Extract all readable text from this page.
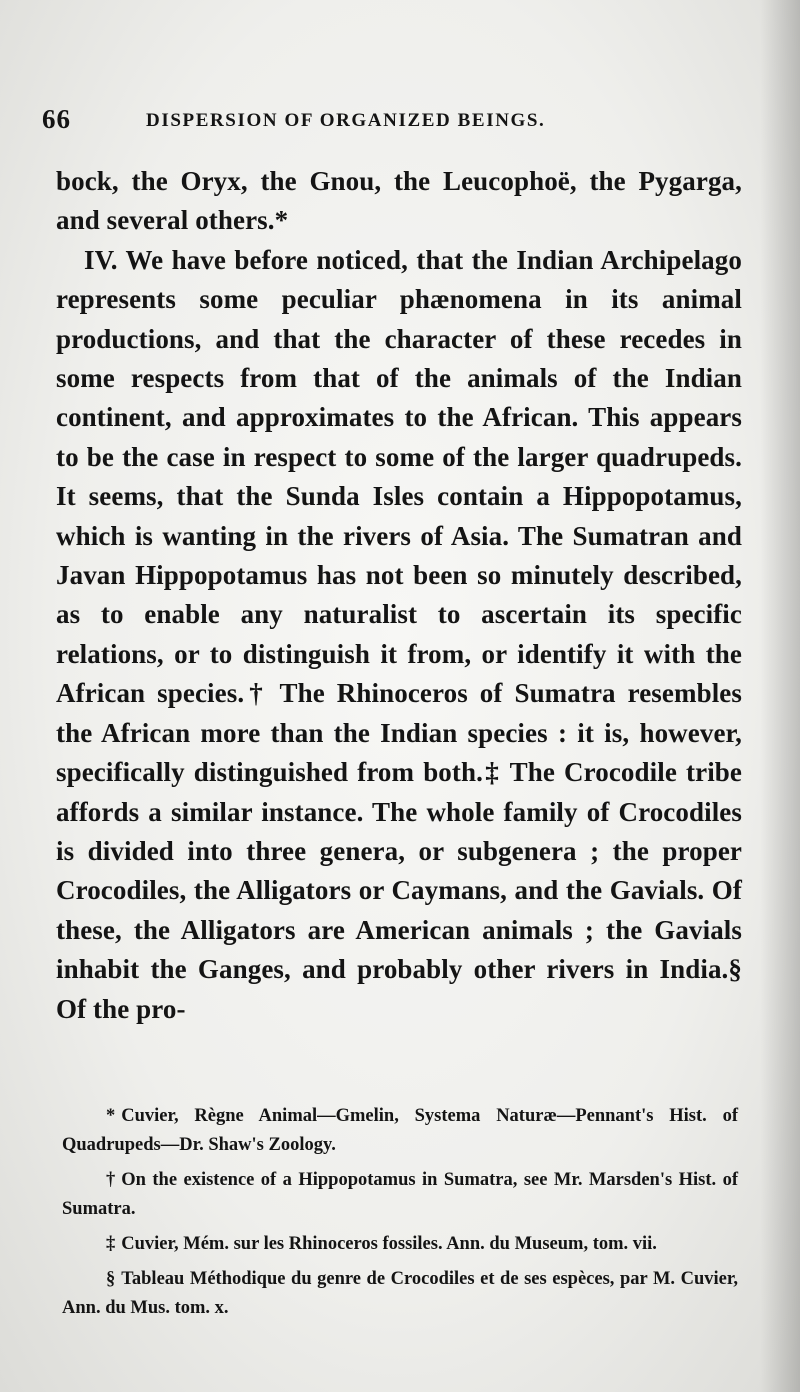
66	DISPERSION OF ORGANIZED BEINGS.

bock, the Oryx, the Gnou, the Leucophoë, the Pygarga, and several others.*

IV. We have before noticed, that the Indian Archipelago represents some peculiar phænomena in its animal productions, and that the character of these recedes in some respects from that of the animals of the Indian continent, and approximates to the African. This appears to be the case in respect to some of the larger quadrupeds. It seems, that the Sunda Isles contain a Hippopotamus, which is wanting in the rivers of Asia. The Sumatran and Javan Hippopotamus has not been so minutely described, as to enable any naturalist to ascertain its specific relations, or to distinguish it from, or identify it with the African species.† The Rhinoceros of Sumatra resembles the African more than the Indian species : it is, however, specifically distinguished from both.‡ The Crocodile tribe affords a similar instance. The whole family of Crocodiles is divided into three genera, or subgenera ; the proper Crocodiles, the Alligators or Caymans, and the Gavials. Of these, the Alligators are American animals ; the Gavials inhabit the Ganges, and probably other rivers in India.§ Of the pro-

* Cuvier, Règne Animal—Gmelin, Systema Naturæ—Pennant's Hist. of Quadrupeds—Dr. Shaw's Zoology.

† On the existence of a Hippopotamus in Sumatra, see Mr. Marsden's Hist. of Sumatra.

‡ Cuvier, Mém. sur les Rhinoceros fossiles. Ann. du Museum, tom. vii.

§ Tableau Méthodique du genre de Crocodiles et de ses espèces, par M. Cuvier, Ann. du Mus. tom. x.
